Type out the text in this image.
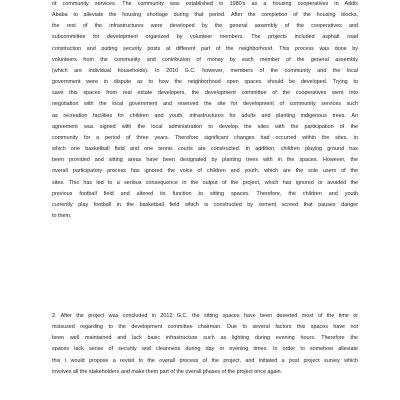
of community services. The community was established in 1980’s as a housing cooperatives in Addis
Ababa to alleviate the housing shortage during that period. After the completion of the housing blocks,
the rest of the infrastructures were developed by the general assembly of the cooperatives and
subcommittee for development organized by volunteer members. The projects included asphalt road
construction and putting security posts at different part of the neighborhood. This process was done by
volunteers from the community and contribution of money by each member of the general assembly
(which are individual households). In 2010 G.C. however, members of the community and the local
government were in dispute as to how the neighborhood open spaces should be developed. Trying to
save this spaces from real estate developers, the development committee of the cooperatives went into
negotiation with the local government and reserved the site for development of community services such
as recreation facilities for children and youth, infrastructures for adults and planting indigenous trees. An
agreement was signed with the local administration to develop the sites with the participation of the
community for a period of three years. Therefore significant changes had occurred within the sites, in
which one basketball field and one tennis courts are constructed. In addition, children playing ground has
been provided and sitting areas have been designated by planting trees with in the spaces. However, the
overall participatory process has ignored the voice of children and youth, which are the sole users of the
sites. This has led to a serious consequence in the output of the project, which has ignored or avoided the
previous football field and altered its function to sitting spaces. Therefore, the children and youth
currently play football in the basketball field which is constructed by cement screed that pauses danger
to them.
2. After the project was concluded in 2012 G.C. the sitting spaces have been deserted most of the time or
missused regarding to the development committee chairman. Due to several factors this spaces have not
been well maintained and lack basic infrastructure such as lighting during evening hours. Therefore the
spaces lack sense of security and cleanness during day or evening times. In order to somehow alleviate
this I would propose a revisit to the overall process of the project, and initiated a post project survey which
involves all the stakeholders and make them part of the overall phases of the project once again.
